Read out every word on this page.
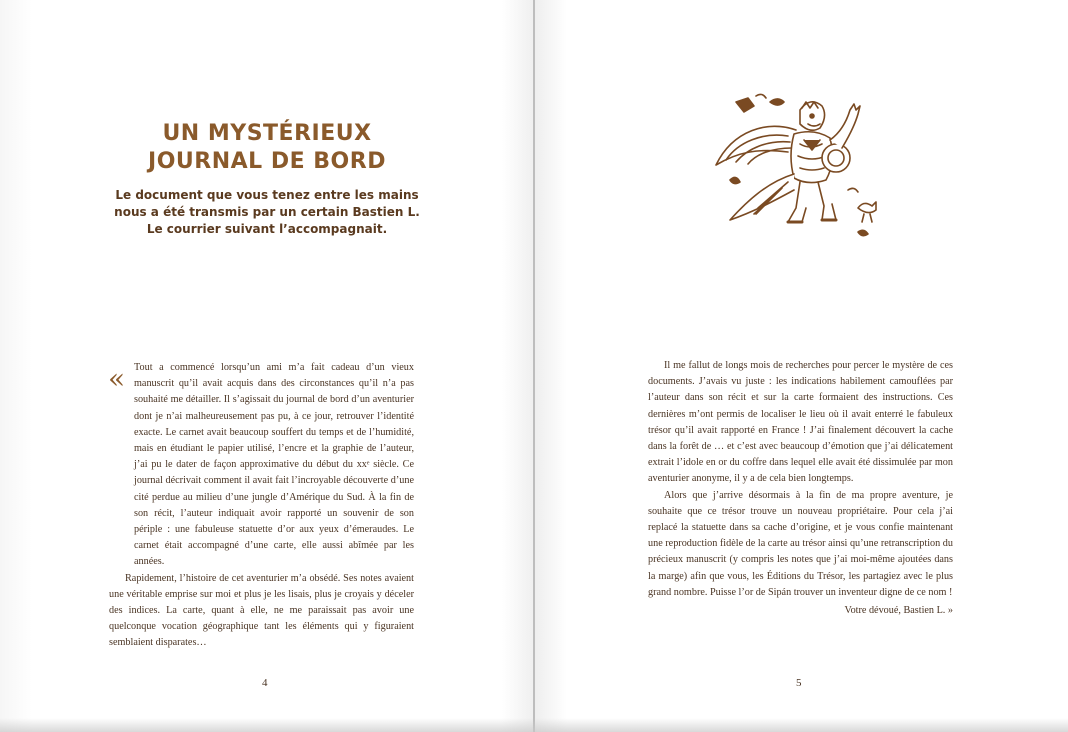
UN MYSTÉRIEUX
JOURNAL DE BORD
Le document que vous tenez entre les mains
nous a été transmis par un certain Bastien L.
Le courrier suivant l’accompagnait.
« Tout a commencé lorsqu’un ami m’a fait cadeau d’un vieux manuscrit qu’il avait acquis dans des circonstances qu’il n’a pas souhaité me détailler. Il s’agissait du journal de bord d’un aventurier dont je n’ai malheureusement pas pu, à ce jour, retrouver l’identité exacte. Le carnet avait beaucoup souffert du temps et de l’humidité, mais en étudiant le papier utilisé, l’encre et la graphie de l’auteur, j’ai pu le dater de façon approximative du début du xxᵉ siècle. Ce journal décrivait comment il avait fait l’incroyable découverte d’une cité perdue au milieu d’une jungle d’Amérique du Sud. À la fin de son récit, l’auteur indiquait avoir rapporté un souvenir de son périple : une fabuleuse statuette d’or aux yeux d’émeraudes. Le carnet était accompagné d’une carte, elle aussi abîmée par les années.

Rapidement, l’histoire de cet aventurier m’a obsédé. Ses notes avaient une véritable emprise sur moi et plus je les lisais, plus je croyais y déceler des indices. La carte, quant à elle, ne me paraissait pas avoir une quelconque vocation géographique tant les éléments qui y figuraient semblaient disparates…

4

Il me fallut de longs mois de recherches pour percer le mystère de ces documents. J’avais vu juste : les indications habilement camouflées par l’auteur dans son récit et sur la carte formaient des instructions. Ces dernières m’ont permis de localiser le lieu où il avait enterré le fabuleux trésor qu’il avait rapporté en France ! J’ai finalement découvert la cache dans la forêt de … et c’est avec beaucoup d’émotion que j’ai délicatement extrait l’idole en or du coffre dans lequel elle avait été dissimulée par mon aventurier anonyme, il y a de cela bien longtemps.

Alors que j’arrive désormais à la fin de ma propre aventure, je souhaite que ce trésor trouve un nouveau propriétaire. Pour cela j’ai replacé la statuette dans sa cache d’origine, et je vous confie maintenant une reproduction fidèle de la carte au trésor ainsi qu’une retranscription du précieux manuscrit (y compris les notes que j’ai moi-même ajoutées dans la marge) afin que vous, les Éditions du Trésor, les partagiez avec le plus grand nombre. Puisse l’or de Sipán trouver un inventeur digne de ce nom !

Votre dévoué, Bastien L. »

5
